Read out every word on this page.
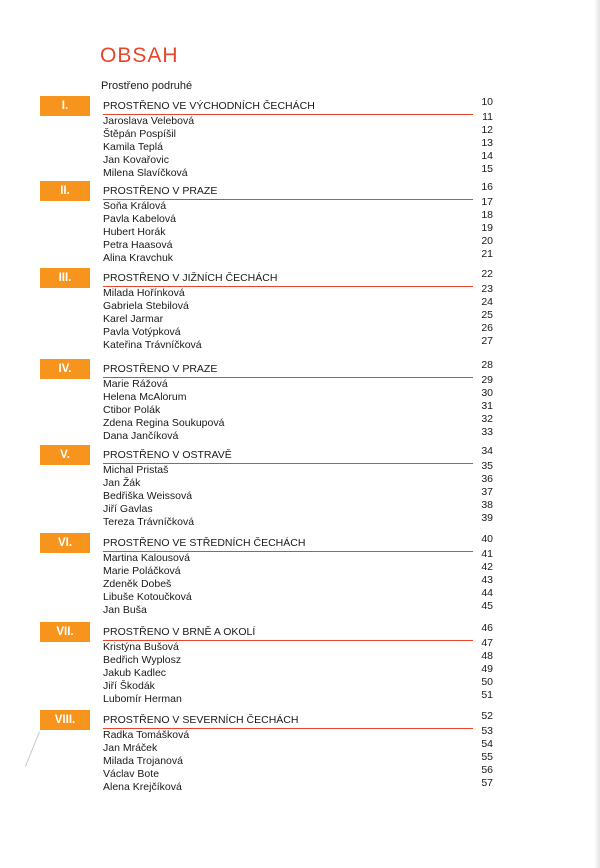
OBSAH
Prostřeno podruhé
I.	PROSTŘENO VE VÝCHODNÍCH ČECHÁCH	10
Jaroslava Velebová	11
Štěpán Pospíšil	12
Kamila Teplá	13
Jan Kovařovic	14
Milena Slavíčková	15
II.	PROSTŘENO V PRAZE	16
Soňa Králová	17
Pavla Kabelová	18
Hubert Horák	19
Petra Haasová	20
Alina Kravchuk	21
III.	PROSTŘENO V JIŽNÍCH ČECHÁCH	22
Milada Hořínková	23
Gabriela Stebilová	24
Karel Jarmar	25
Pavla Votýpková	26
Kateřina Trávníčková	27
IV.	PROSTŘENO V PRAZE	28
Marie Rážová	29
Helena McAlorum	30
Ctibor Polák	31
Zdena Regina Soukupová	32
Dana Jančíková	33
V.	PROSTŘENO V OSTRAVĚ	34
Michal Pristaš	35
Jan Žák	36
Bedřiška Weissová	37
Jiří Gavlas	38
Tereza Trávníčková	39
VI.	PROSTŘENO VE STŘEDNÍCH ČECHÁCH	40
Martina Kalousová	41
Marie Poláčková	42
Zdeněk Dobeš	43
Libuše Kotoučková	44
Jan Buša	45
VII.	PROSTŘENO V BRNĚ A OKOLÍ	46
Kristýna Bušová	47
Bedřich Wyplosz	48
Jakub Kadlec	49
Jiří Škodák	50
Lubomír Herman	51
VIII.	PROSTŘENO V SEVERNÍCH ČECHÁCH	52
Radka Tomášková	53
Jan Mráček	54
Milada Trojanová	55
Václav Bote	56
Alena Krejčíková	57
